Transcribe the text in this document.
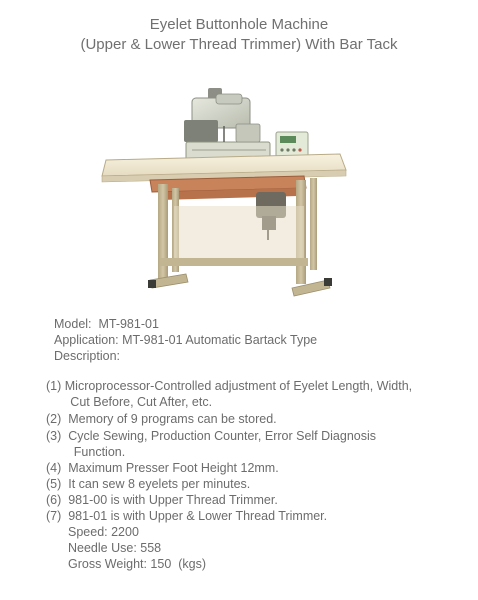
Eyelet Buttonhole Machine
(Upper & Lower Thread Trimmer) With Bar Tack
Model:  MT-981-01
Application: MT-981-01 Automatic Bartack Type
Description:
(1) Microprocessor-Controlled adjustment of Eyelet Length, Width,
Cut Before, Cut After, etc.
(2)  Memory of 9 programs can be stored.
(3)  Cycle Sewing, Production Counter, Error Self Diagnosis
Function.
(4)  Maximum Presser Foot Height 12mm.
(5)  It can sew 8 eyelets per minutes.
(6)  981-00 is with Upper Thread Trimmer.
(7)  981-01 is with Upper & Lower Thread Trimmer.
Speed: 2200
Needle Use: 558
Gross Weight: 150  (kgs)
